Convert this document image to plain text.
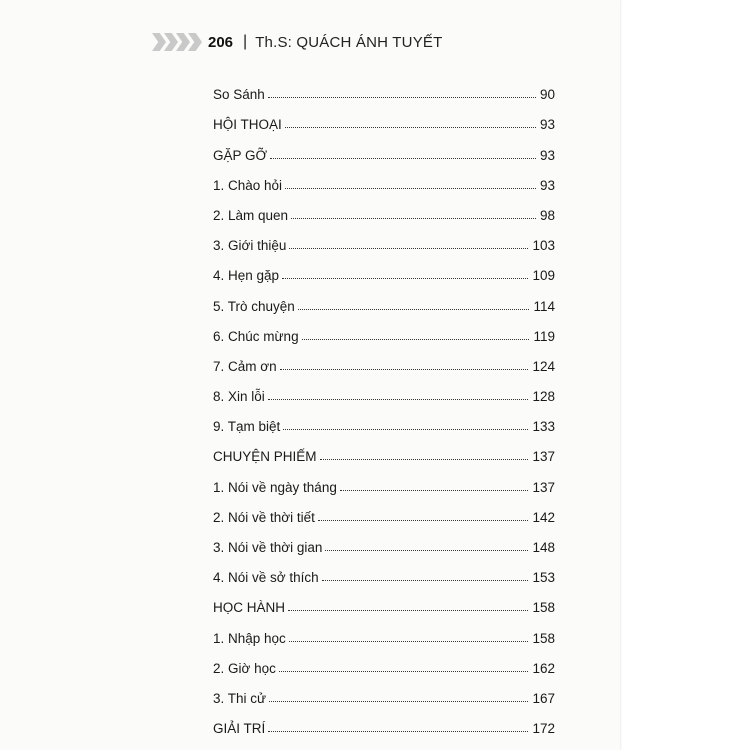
206 | Th.S: QUÁCH ÁNH TUYẾT
So Sánh	90
HỘI THOẠI	93
GẶP GỠ	93
1. Chào hỏi	93
2. Làm quen	98
3. Giới thiệu	103
4. Hẹn gặp	109
5. Trò chuyện	114
6. Chúc mừng	119
7. Cảm ơn	124
8. Xin lỗi	128
9. Tạm biệt	133
CHUYỆN PHIẾM	137
1. Nói về ngày tháng	137
2. Nói về thời tiết	142
3. Nói về thời gian	148
4. Nói về sở thích	153
HỌC HÀNH	158
1. Nhập học	158
2. Giờ học	162
3. Thi cử	167
GIẢI TRÍ	172
